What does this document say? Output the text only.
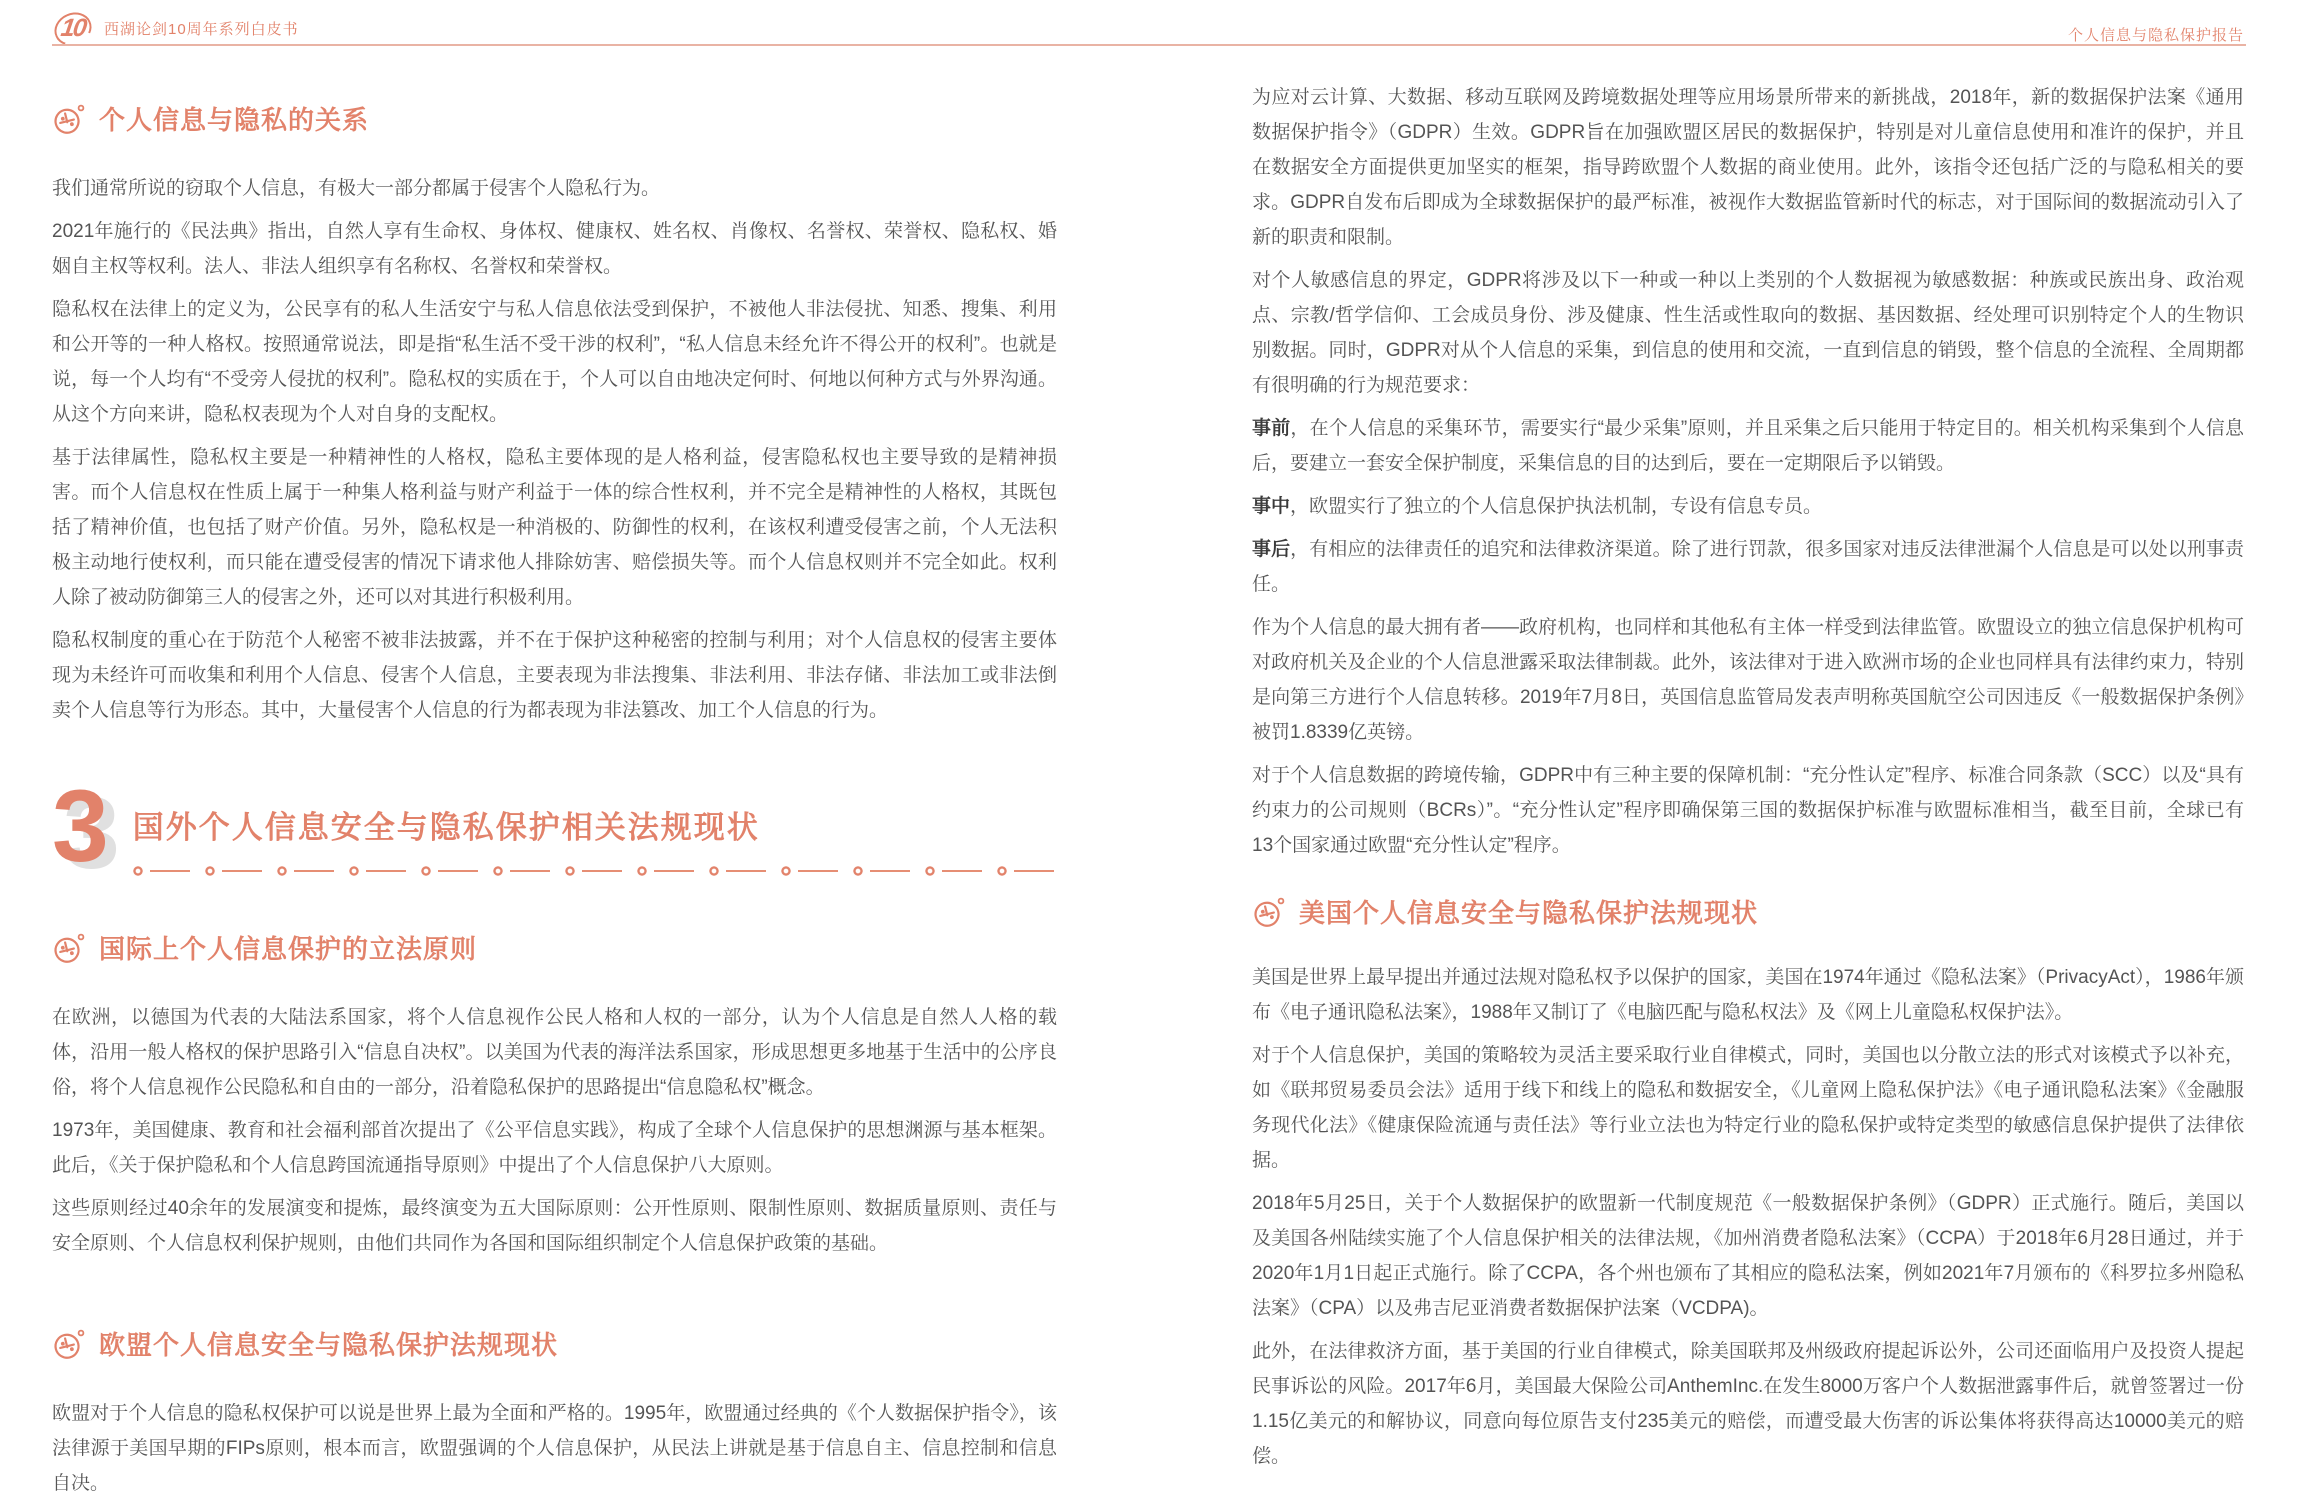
10 西湖论剑10周年系列白皮书	个人信息与隐私保护报告
个人信息与隐私的关系

我们通常所说的窃取个人信息，有极大一部分都属于侵害个人隐私行为。

2021年施行的《民法典》指出，自然人享有生命权、身体权、健康权、姓名权、肖像权、名誉权、荣誉权、隐私权、婚姻自主权等权利。法人、非法人组织享有名称权、名誉权和荣誉权。

隐私权在法律上的定义为，公民享有的私人生活安宁与私人信息依法受到保护，不被他人非法侵扰、知悉、搜集、利用和公开等的一种人格权。按照通常说法，即是指“私生活不受干涉的权利”，“私人信息未经允许不得公开的权利”。也就是说，每一个人均有“不受旁人侵扰的权利”。隐私权的实质在于，个人可以自由地决定何时、何地以何种方式与外界沟通。从这个方向来讲，隐私权表现为个人对自身的支配权。

基于法律属性，隐私权主要是一种精神性的人格权，隐私主要体现的是人格利益，侵害隐私权也主要导致的是精神损害。而个人信息权在性质上属于一种集人格利益与财产利益于一体的综合性权利，并不完全是精神性的人格权，其既包括了精神价值，也包括了财产价值。另外，隐私权是一种消极的、防御性的权利，在该权利遭受侵害之前，个人无法积极主动地行使权利，而只能在遭受侵害的情况下请求他人排除妨害、赔偿损失等。而个人信息权则并不完全如此。权利人除了被动防御第三人的侵害之外，还可以对其进行积极利用。

隐私权制度的重心在于防范个人秘密不被非法披露，并不在于保护这种秘密的控制与利用；对个人信息权的侵害主要体现为未经许可而收集和利用个人信息、侵害个人信息，主要表现为非法搜集、非法利用、非法存储、非法加工或非法倒卖个人信息等行为形态。其中，大量侵害个人信息的行为都表现为非法篡改、加工个人信息的行为。

3 国外个人信息安全与隐私保护相关法规现状
国际上个人信息保护的立法原则

在欧洲，以德国为代表的大陆法系国家，将个人信息视作公民人格和人权的一部分，认为个人信息是自然人人格的载体，沿用一般人格权的保护思路引入“信息自决权”。以美国为代表的海洋法系国家，形成思想更多地基于生活中的公序良俗，将个人信息视作公民隐私和自由的一部分，沿着隐私保护的思路提出“信息隐私权”概念。

1973年，美国健康、教育和社会福利部首次提出了《公平信息实践》，构成了全球个人信息保护的思想渊源与基本框架。此后，《关于保护隐私和个人信息跨国流通指导原则》中提出了个人信息保护八大原则。

这些原则经过40余年的发展演变和提炼，最终演变为五大国际原则：公开性原则、限制性原则、数据质量原则、责任与安全原则、个人信息权利保护规则，由他们共同作为各国和国际组织制定个人信息保护政策的基础。

欧盟个人信息安全与隐私保护法规现状

欧盟对于个人信息的隐私权保护可以说是世界上最为全面和严格的。1995年，欧盟通过经典的《个人数据保护指令》，该法律源于美国早期的FIPs原则，根本而言，欧盟强调的个人信息保护，从民法上讲就是基于信息自主、信息控制和信息自决。

为应对云计算、大数据、移动互联网及跨境数据处理等应用场景所带来的新挑战，2018年，新的数据保护法案《通用数据保护指令》（GDPR）生效。GDPR旨在加强欧盟区居民的数据保护，特别是对儿童信息使用和准许的保护，并且在数据安全方面提供更加坚实的框架，指导跨欧盟个人数据的商业使用。此外，该指令还包括广泛的与隐私相关的要求。GDPR自发布后即成为全球数据保护的最严标准，被视作大数据监管新时代的标志，对于国际间的数据流动引入了新的职责和限制。

对个人敏感信息的界定，GDPR将涉及以下一种或一种以上类别的个人数据视为敏感数据：种族或民族出身、政治观点、宗教/哲学信仰、工会成员身份、涉及健康、性生活或性取向的数据、基因数据、经处理可识别特定个人的生物识别数据。同时，GDPR对从个人信息的采集，到信息的使用和交流，一直到信息的销毁，整个信息的全流程、全周期都有很明确的行为规范要求：

事前，在个人信息的采集环节，需要实行“最少采集”原则，并且采集之后只能用于特定目的。相关机构采集到个人信息后，要建立一套安全保护制度，采集信息的目的达到后，要在一定期限后予以销毁。

事中，欧盟实行了独立的个人信息保护执法机制，专设有信息专员。

事后，有相应的法律责任的追究和法律救济渠道。除了进行罚款，很多国家对违反法律泄漏个人信息是可以处以刑事责任。

作为个人信息的最大拥有者——政府机构，也同样和其他私有主体一样受到法律监管。欧盟设立的独立信息保护机构可对政府机关及企业的个人信息泄露采取法律制裁。此外，该法律对于进入欧洲市场的企业也同样具有法律约束力，特别是向第三方进行个人信息转移。2019年7月8日，英国信息监管局发表声明称英国航空公司因违反《一般数据保护条例》被罚1.8339亿英镑。

对于个人信息数据的跨境传输，GDPR中有三种主要的保障机制：“充分性认定”程序、标准合同条款（SCC）以及“具有约束力的公司规则（BCRs）”。“充分性认定”程序即确保第三国的数据保护标准与欧盟标准相当，截至目前，全球已有13个国家通过欧盟“充分性认定”程序。

美国个人信息安全与隐私保护法规现状

美国是世界上最早提出并通过法规对隐私权予以保护的国家，美国在1974年通过《隐私法案》（PrivacyAct），1986年颁布《电子通讯隐私法案》，1988年又制订了《电脑匹配与隐私权法》及《网上儿童隐私权保护法》。

对于个人信息保护，美国的策略较为灵活主要采取行业自律模式，同时，美国也以分散立法的形式对该模式予以补充，如《联邦贸易委员会法》适用于线下和线上的隐私和数据安全，《儿童网上隐私保护法》《电子通讯隐私法案》《金融服务现代化法》《健康保险流通与责任法》等行业立法也为特定行业的隐私保护或特定类型的敏感信息保护提供了法律依据。

2018年5月25日，关于个人数据保护的欧盟新一代制度规范《一般数据保护条例》（GDPR）正式施行。随后，美国以及美国各州陆续实施了个人信息保护相关的法律法规，《加州消费者隐私法案》（CCPA）于2018年6月28日通过，并于2020年1月1日起正式施行。除了CCPA，各个州也颁布了其相应的隐私法案，例如2021年7月颁布的《科罗拉多州隐私法案》（CPA）以及弗吉尼亚消费者数据保护法案（VCDPA)。

此外，在法律救济方面，基于美国的行业自律模式，除美国联邦及州级政府提起诉讼外，公司还面临用户及投资人提起民事诉讼的风险。2017年6月，美国最大保险公司AnthemInc.在发生8000万客户个人数据泄露事件后，就曾签署过一份1.15亿美元的和解协议，同意向每位原告支付235美元的赔偿，而遭受最大伤害的诉讼集体将获得高达10000美元的赔偿。
